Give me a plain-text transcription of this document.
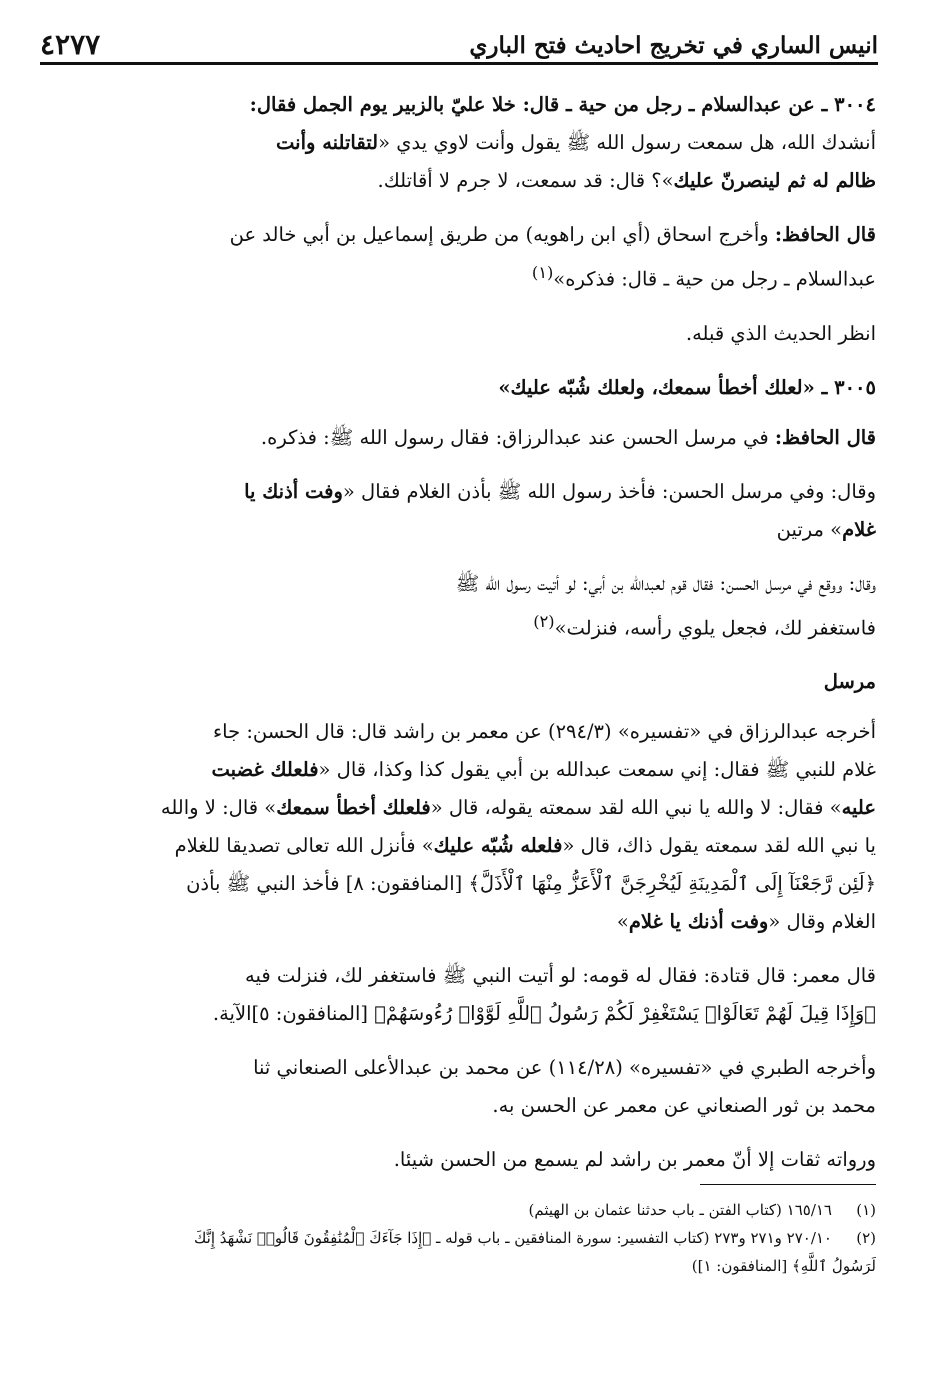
انيس الساري في تخريج احاديث فتح الباري
٤٢٧٧

٣٠٠٤ ـ عن عبدالسلام ـ رجل من حية ـ قال: خلا عليّ بالزبير يوم الجمل فقال:
أنشدك الله، هل سمعت رسول الله ﷺ يقول وأنت لاوي يدي «لتقاتلنه وأنت
ظالم له ثم لينصرنّ عليك»؟ قال: قد سمعت، لا جرم لا أقاتلك.

قال الحافظ: وأخرج اسحاق (أي ابن راهويه) من طريق إسماعيل بن أبي خالد عن
عبدالسلام ـ رجل من حية ـ قال: فذكره»$^{(١)}$

انظر الحديث الذي قبله.

٣٠٠٥ ـ «لعلك أخطأ سمعك، ولعلك شُبّه عليك»

قال الحافظ: في مرسل الحسن عند عبدالرزاق: فقال رسول الله ﷺ: فذكره.

وقال: وفي مرسل الحسن: فأخذ رسول الله ﷺ بأذن الغلام فقال «وفت أذنك يا
غلام» مرتين

وقال: ووقع في مرسل الحسن: فقال قوم لعبدالله بن أبي: لو أتيت رسول الله ﷺ
فاستغفر لك، فجعل يلوي رأسه، فنزلت»$^{(٢)}$

مرسل

أخرجه عبدالرزاق في «تفسيره» (٢٩٤/٣) عن معمر بن راشد قال: قال الحسن: جاء
غلام للنبي ﷺ فقال: إني سمعت عبدالله بن أبي يقول كذا وكذا، قال «فلعلك غضبت
عليه» فقال: لا والله يا نبي الله لقد سمعته يقوله، قال «فلعلك أخطأ سمعك» قال: لا والله
يا نبي الله لقد سمعته يقول ذاك، قال «فلعله شُبّه عليك» فأنزل الله تعالى تصديقا للغلام
﴿لَئِن رَّجَعْنَآ إِلَى ٱلْمَدِينَةِ لَيُخْرِجَنَّ ٱلْأَعَزُّ مِنْهَا ٱلْأَذَلَّ﴾ [المنافقون: ٨] فأخذ النبي ﷺ بأذن
الغلام وقال «وفت أذنك يا غلام»

قال معمر: قال قتادة: فقال له قومه: لو أتيت النبي ﷺ فاستغفر لك، فنزلت فيه
﴿وَإِذَا قِيلَ لَهُمْ تَعَالَوْا۟ يَسْتَغْفِرْ لَكُمْ رَسُولُ ٱللَّهِ لَوَّوْا۟ رُءُوسَهُمْ﴾ [المنافقون: ٥]الآية.

وأخرجه الطبري في «تفسيره» (١١٤/٢٨) عن محمد بن عبدالأعلى الصنعاني ثنا
محمد بن ثور الصنعاني عن معمر عن الحسن به.

ورواته ثقات إلا أنّ معمر بن راشد لم يسمع من الحسن شيئا.

(١)١٦٥/١٦ (كتاب الفتن ـ باب حدثنا عثمان بن الهيثم)

(٢)٢٧٠/١٠ و٢٧١ و٢٧٣ (كتاب التفسير: سورة المنافقين ـ باب قوله ـ ﴿إِذَا جَآءَكَ ٱلْمُنَٰفِقُونَ قَالُوا۟ نَشْهَدُ إِنَّكَ
لَرَسُولُ ٱللَّهِ﴾ [المنافقون: ١])
